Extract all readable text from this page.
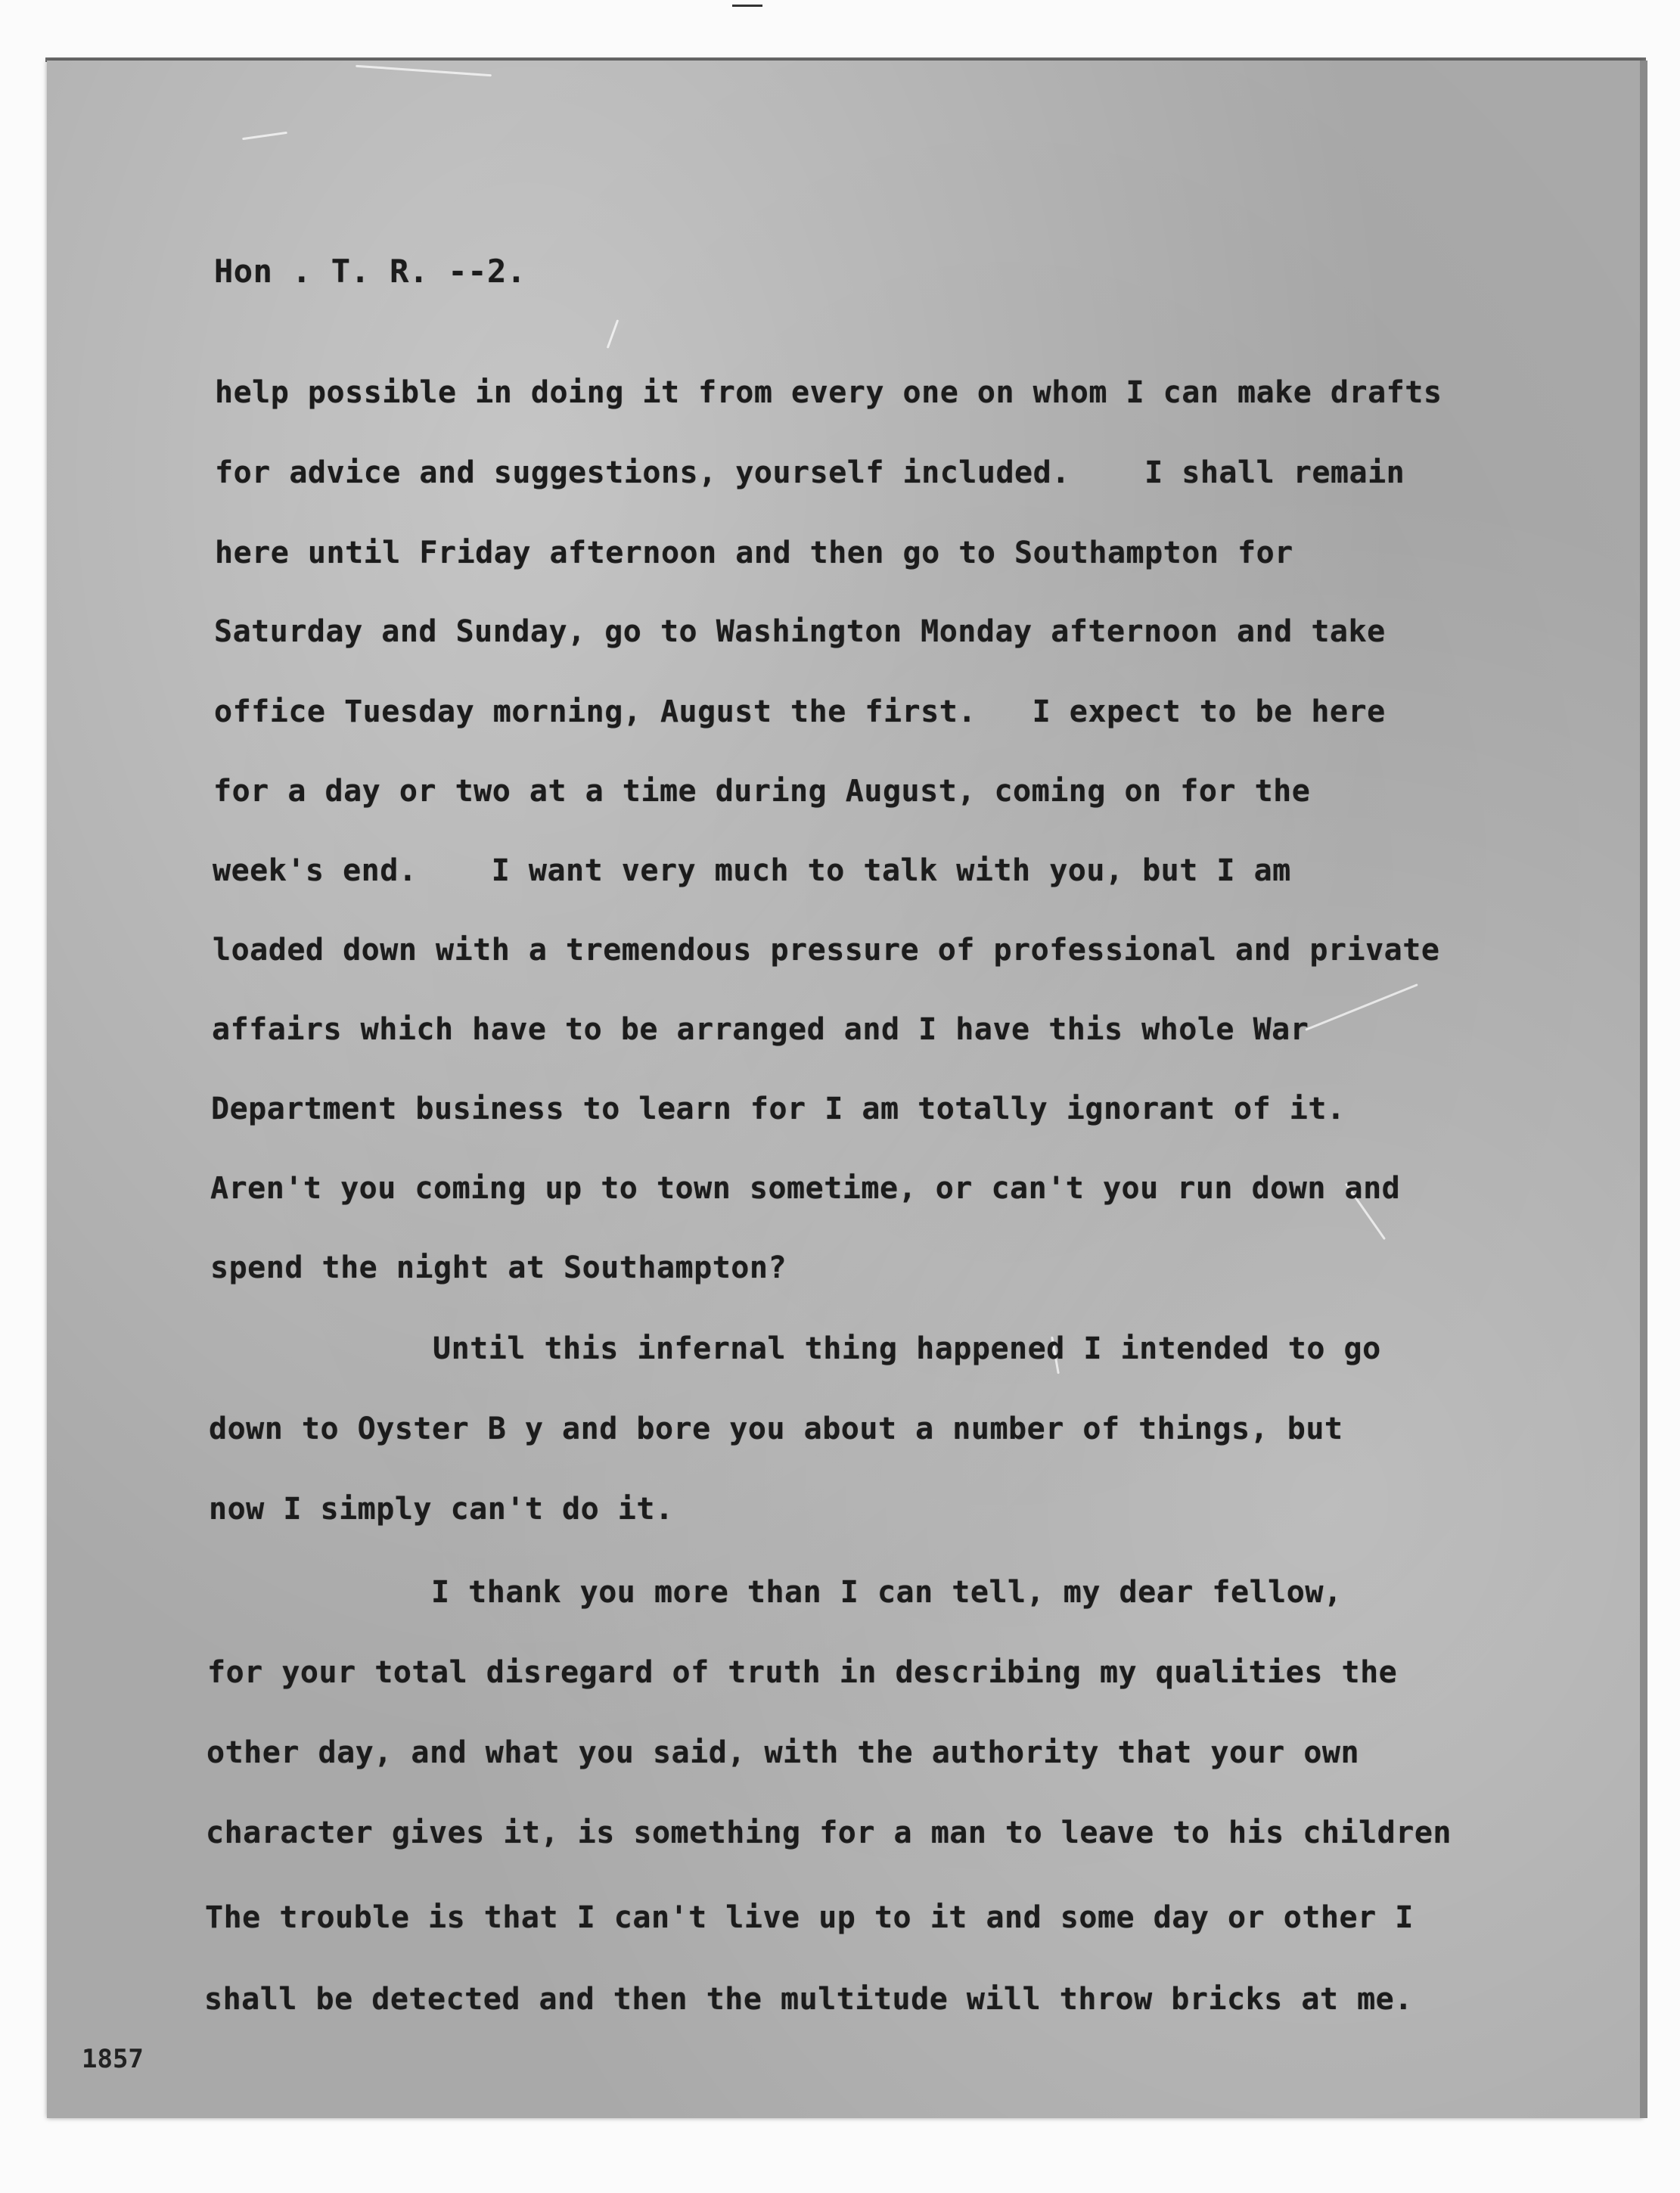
Hon . T. R. --2.
help possible in doing it from every one on whom I can make drafts
for advice and suggestions, yourself included.    I shall remain
here until Friday afternoon and then go to Southampton for
Saturday and Sunday, go to Washington Monday afternoon and take
office Tuesday morning, August the first.   I expect to be here
for a day or two at a time during August, coming on for the
week's end.    I want very much to talk with you, but I am
loaded down with a tremendous pressure of professional and private
affairs which have to be arranged and I have this whole War
Department business to learn for I am totally ignorant of it.
Aren't you coming up to town sometime, or can't you run down and
spend the night at Southampton?
Until this infernal thing happened I intended to go
down to Oyster B y and bore you about a number of things, but
now I simply can't do it.
I thank you more than I can tell, my dear fellow,
for your total disregard of truth in describing my qualities the
other day, and what you said, with the authority that your own
character gives it, is something for a man to leave to his children
The trouble is that I can't live up to it and some day or other I
shall be detected and then the multitude will throw bricks at me.
1857
